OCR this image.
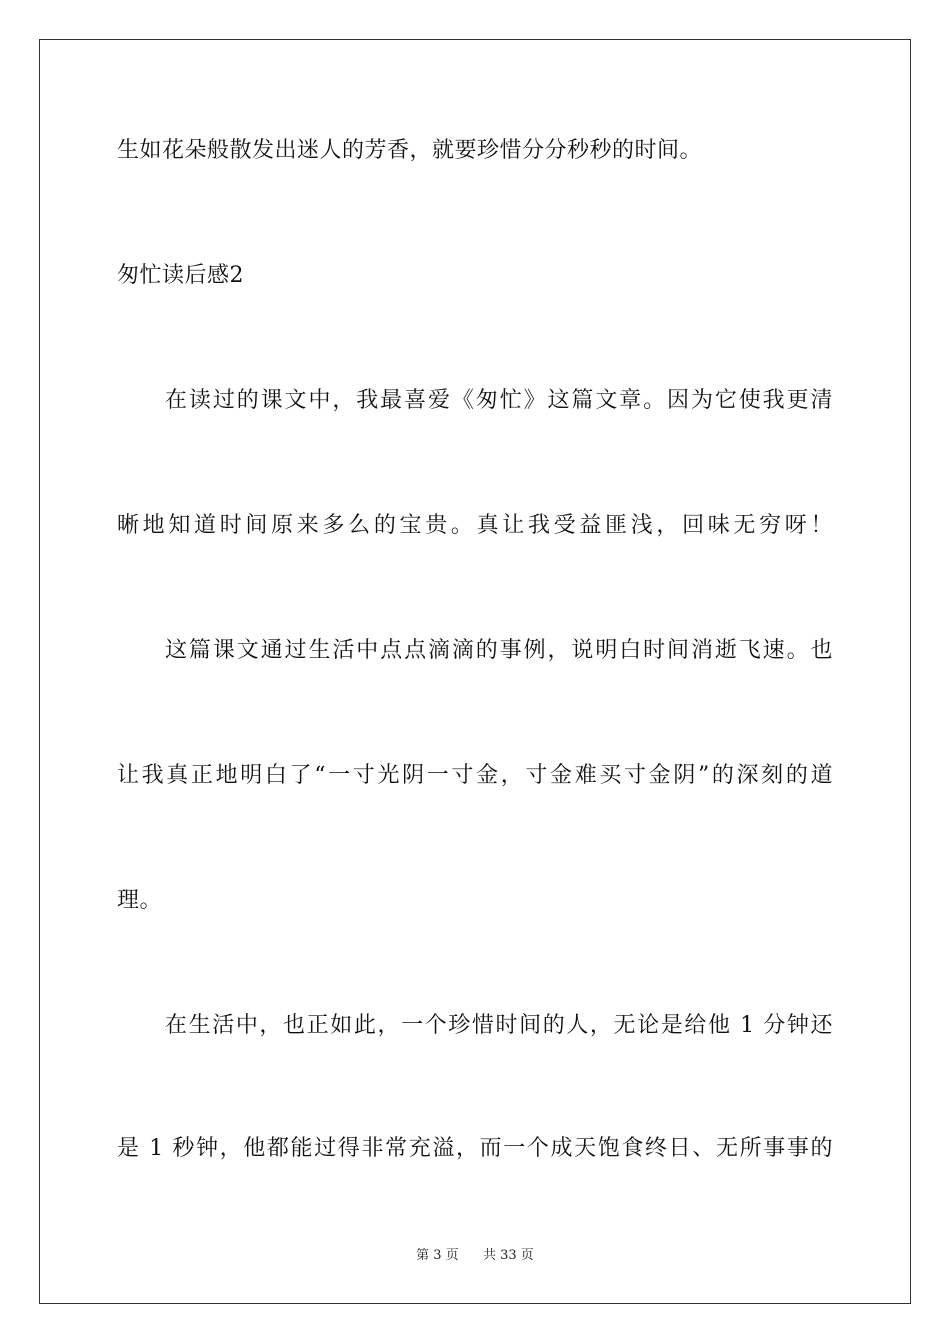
生如花朵般散发出迷人的芳香，就要珍惜分分秒秒的时间。
匆忙读后感2
在读过的课文中，我最喜爱《匆忙》这篇文章。因为它使我更清
晰地知道时间原来多么的宝贵。真让我受益匪浅，回味无穷呀！
这篇课文通过生活中点点滴滴的事例，说明白时间消逝飞速。也
让我真正地明白了“一寸光阴一寸金，寸金难买寸金阴”的深刻的道
理。
在生活中，也正如此，一个珍惜时间的人，无论是给他 1 分钟还
是 1 秒钟，他都能过得非常充溢，而一个成天饱食终日、无所事事的
第 3 页 共 33 页
